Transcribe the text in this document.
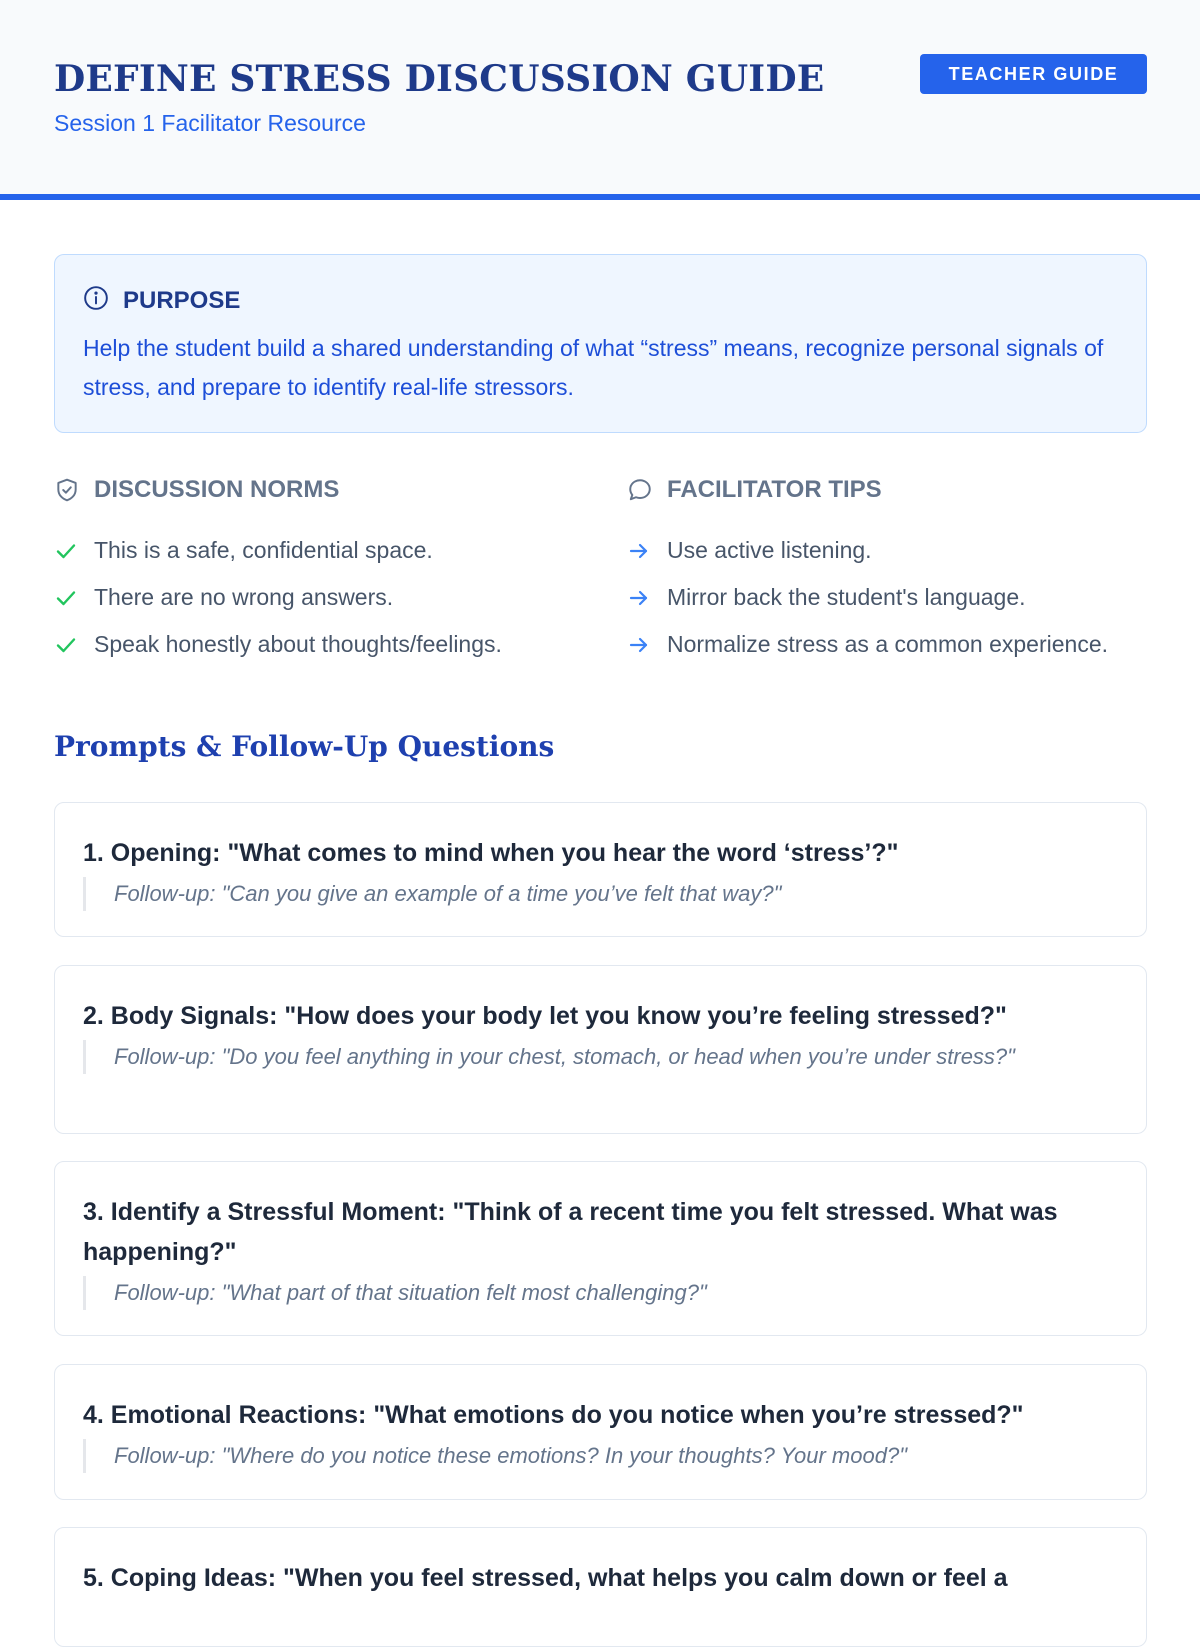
DEFINE STRESS DISCUSSION GUIDE
Session 1 Facilitator Resource
TEACHER GUIDE
PURPOSE
Help the student build a shared understanding of what “stress” means, recognize personal signals of stress, and prepare to identify real-life stressors.
DISCUSSION NORMS
This is a safe, confidential space.
There are no wrong answers.
Speak honestly about thoughts/feelings.
FACILITATOR TIPS
Use active listening.
Mirror back the student's language.
Normalize stress as a common experience.
Prompts & Follow-Up Questions
1. Opening: "What comes to mind when you hear the word ‘stress’?"
Follow-up: "Can you give an example of a time you’ve felt that way?"
2. Body Signals: "How does your body let you know you’re feeling stressed?"
Follow-up: "Do you feel anything in your chest, stomach, or head when you’re under stress?"
3. Identify a Stressful Moment: "Think of a recent time you felt stressed. What was happening?"
Follow-up: "What part of that situation felt most challenging?"
4. Emotional Reactions: "What emotions do you notice when you’re stressed?"
Follow-up: "Where do you notice these emotions? In your thoughts? Your mood?"
5. Coping Ideas: "When you feel stressed, what helps you calm down or feel a
